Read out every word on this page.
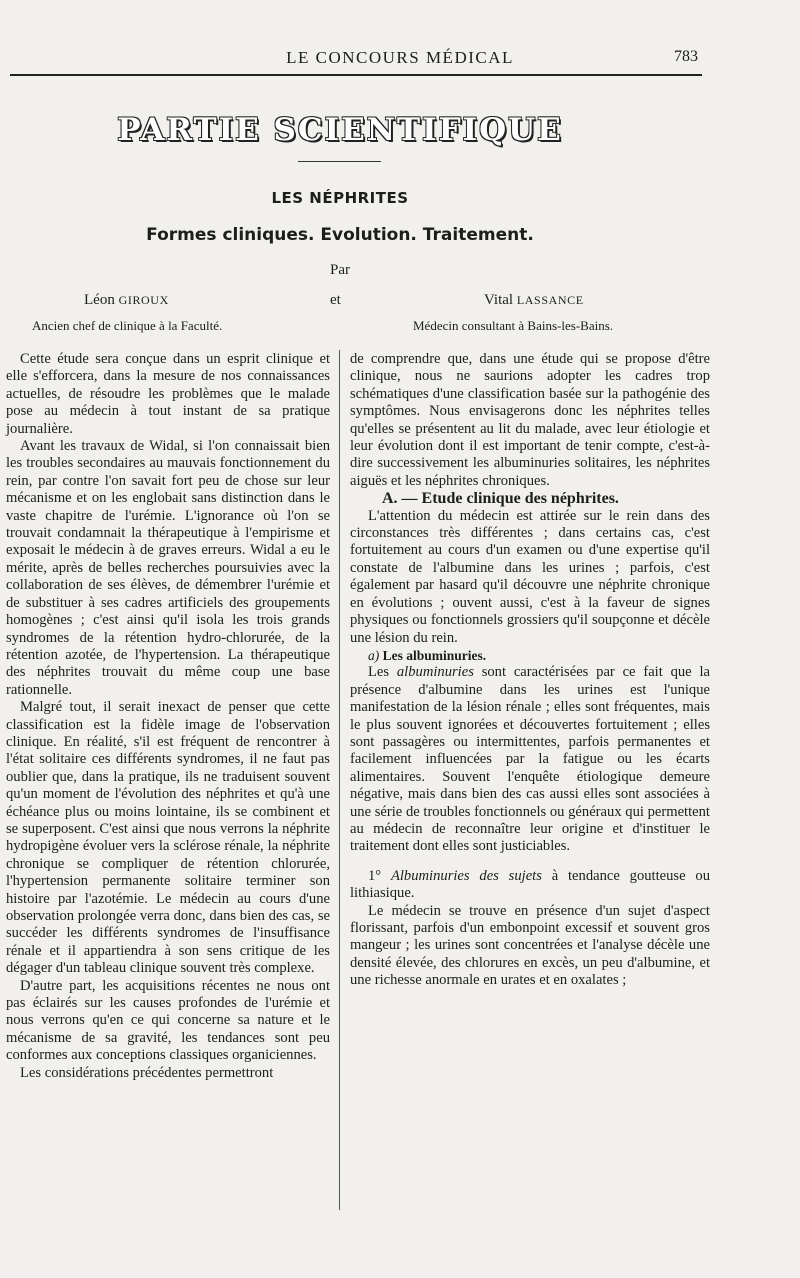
LE CONCOURS MÉDICAL	783
PARTIE SCIENTIFIQUE
LES NÉPHRITES
Formes cliniques. Evolution. Traitement.
Par
Léon GIROUX	et	Vital LASSANCE
Ancien chef de clinique à la Faculté.	Médecin consultant à Bains-les-Bains.

Cette étude sera conçue dans un esprit clinique et elle s'efforcera, dans la mesure de nos connaissances actuelles, de résoudre les problèmes que le malade pose au médecin à tout instant de sa pratique journalière.

Avant les travaux de Widal, si l'on connaissait bien les troubles secondaires au mauvais fonctionnement du rein, par contre l'on savait fort peu de chose sur leur mécanisme et on les englobait sans distinction dans le vaste chapitre de l'urémie. L'ignorance où l'on se trouvait condamnait la thérapeutique à l'empirisme et exposait le médecin à de graves erreurs. Widal a eu le mérite, après de belles recherches poursuivies avec la collaboration de ses élèves, de démembrer l'urémie et de substituer à ses cadres artificiels des groupements homogènes ; c'est ainsi qu'il isola les trois grands syndromes de la rétention hydro-chlorurée, de la rétention azotée, de l'hypertension. La thérapeutique des néphrites trouvait du même coup une base rationnelle.

Malgré tout, il serait inexact de penser que cette classification est la fidèle image de l'observation clinique. En réalité, s'il est fréquent de rencontrer à l'état solitaire ces différents syndromes, il ne faut pas oublier que, dans la pratique, ils ne traduisent souvent qu'un moment de l'évolution des néphrites et qu'à une échéance plus ou moins lointaine, ils se combinent et se superposent. C'est ainsi que nous verrons la néphrite hydropigène évoluer vers la sclérose rénale, la néphrite chronique se compliquer de rétention chlorurée, l'hypertension permanente solitaire terminer son histoire par l'azotémie. Le médecin au cours d'une observation prolongée verra donc, dans bien des cas, se succéder les différents syndromes de l'insuffisance rénale et il appartiendra à son sens critique de les dégager d'un tableau clinique souvent très complexe.

D'autre part, les acquisitions récentes ne nous ont pas éclairés sur les causes profondes de l'urémie et nous verrons qu'en ce qui concerne sa nature et le mécanisme de sa gravité, les tendances sont peu conformes aux conceptions classiques organiciennes.

Les considérations précédentes permettront

de comprendre que, dans une étude qui se propose d'être clinique, nous ne saurions adopter les cadres trop schématiques d'une classification basée sur la pathogénie des symptômes. Nous envisagerons donc les néphrites telles qu'elles se présentent au lit du malade, avec leur étiologie et leur évolution dont il est important de tenir compte, c'est-à-dire successivement les albuminuries solitaires, les néphrites aiguës et les néphrites chroniques.

A. — Etude clinique des néphrites.

L'attention du médecin est attirée sur le rein dans des circonstances très différentes ; dans certains cas, c'est fortuitement au cours d'un examen ou d'une expertise qu'il constate de l'albumine dans les urines ; parfois, c'est également par hasard qu'il découvre une néphrite chronique en évolutions ; ouvent aussi, c'est à la faveur de signes physiques ou fonctionnels grossiers qu'il soupçonne et décèle une lésion du rein.

a) Les albuminuries.

Les albuminuries sont caractérisées par ce fait que la présence d'albumine dans les urines est l'unique manifestation de la lésion rénale ; elles sont fréquentes, mais le plus souvent ignorées et découvertes fortuitement ; elles sont passagères ou intermittentes, parfois permanentes et facilement influencées par la fatigue ou les écarts alimentaires. Souvent l'enquête étiologique demeure négative, mais dans bien des cas aussi elles sont associées à une série de troubles fonctionnels ou généraux qui permettent au médecin de reconnaître leur origine et d'instituer le traitement dont elles sont justiciables.

1° Albuminuries des sujets à tendance goutteuse ou lithiasique.

Le médecin se trouve en présence d'un sujet d'aspect florissant, parfois d'un embonpoint excessif et souvent gros mangeur ; les urines sont concentrées et l'analyse décèle une densité élevée, des chlorures en excès, un peu d'albumine, et une richesse anormale en urates et en oxalates ;
